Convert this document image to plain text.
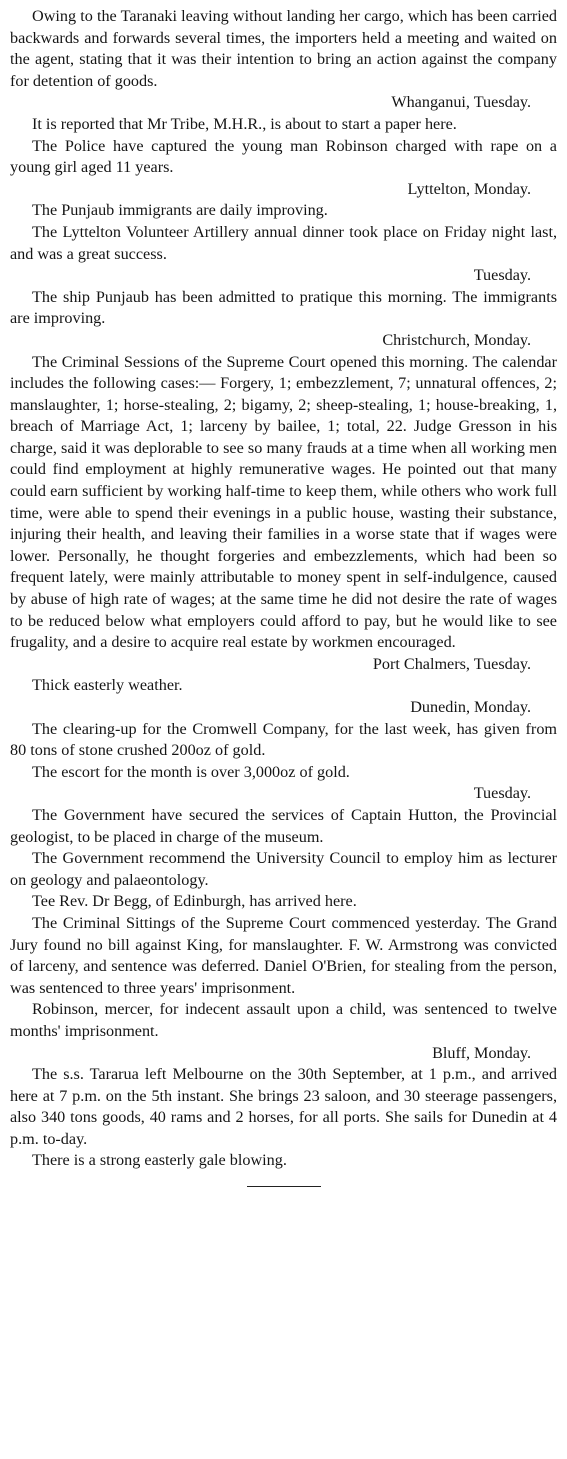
Owing to the Taranaki leaving without landing her cargo, which has been carried backwards and forwards several times, the importers held a meeting and waited on the agent, stating that it was their intention to bring an action against the company for detention of goods.

Whanganui, Tuesday.

It is reported that Mr Tribe, M.H.R., is about to start a paper here.

The Police have captured the young man Robinson charged with rape on a young girl aged 11 years.

Lyttelton, Monday.

The Punjaub immigrants are daily improving.

The Lyttelton Volunteer Artillery annual dinner took place on Friday night last, and was a great success.

Tuesday.

The ship Punjaub has been admitted to pratique this morning. The immigrants are improving.

Christchurch, Monday.

The Criminal Sessions of the Supreme Court opened this morning. The calendar includes the following cases:— Forgery, 1; embezzlement, 7; unnatural offences, 2; manslaughter, 1; horse-stealing, 2; bigamy, 2; sheep-stealing, 1; house-breaking, 1, breach of Marriage Act, 1; larceny by bailee, 1; total, 22. Judge Gresson in his charge, said it was deplorable to see so many frauds at a time when all working men could find employment at highly remunerative wages. He pointed out that many could earn sufficient by working half-time to keep them, while others who work full time, were able to spend their evenings in a public house, wasting their substance, injuring their health, and leaving their families in a worse state that if wages were lower. Personally, he thought forgeries and embezzlements, which had been so frequent lately, were mainly attributable to money spent in self-indulgence, caused by abuse of high rate of wages; at the same time he did not desire the rate of wages to be reduced below what employers could afford to pay, but he would like to see frugality, and a desire to acquire real estate by workmen encouraged.

Port Chalmers, Tuesday.

Thick easterly weather.

Dunedin, Monday.

The clearing-up for the Cromwell Company, for the last week, has given from 80 tons of stone crushed 200oz of gold.

The escort for the month is over 3,000oz of gold.

Tuesday.

The Government have secured the services of Captain Hutton, the Provincial geologist, to be placed in charge of the museum.

The Government recommend the University Council to employ him as lecturer on geology and palaeontology.

Tee Rev. Dr Begg, of Edinburgh, has arrived here.

The Criminal Sittings of the Supreme Court commenced yesterday. The Grand Jury found no bill against King, for manslaughter. F. W. Armstrong was convicted of larceny, and sentence was deferred. Daniel O'Brien, for stealing from the person, was sentenced to three years' imprisonment.

Robinson, mercer, for indecent assault upon a child, was sentenced to twelve months' imprisonment.

Bluff, Monday.

The s.s. Tararua left Melbourne on the 30th September, at 1 p.m., and arrived here at 7 p.m. on the 5th instant. She brings 23 saloon, and 30 steerage passengers, also 340 tons goods, 40 rams and 2 horses, for all ports. She sails for Dunedin at 4 p.m. to-day.

There is a strong easterly gale blowing.
